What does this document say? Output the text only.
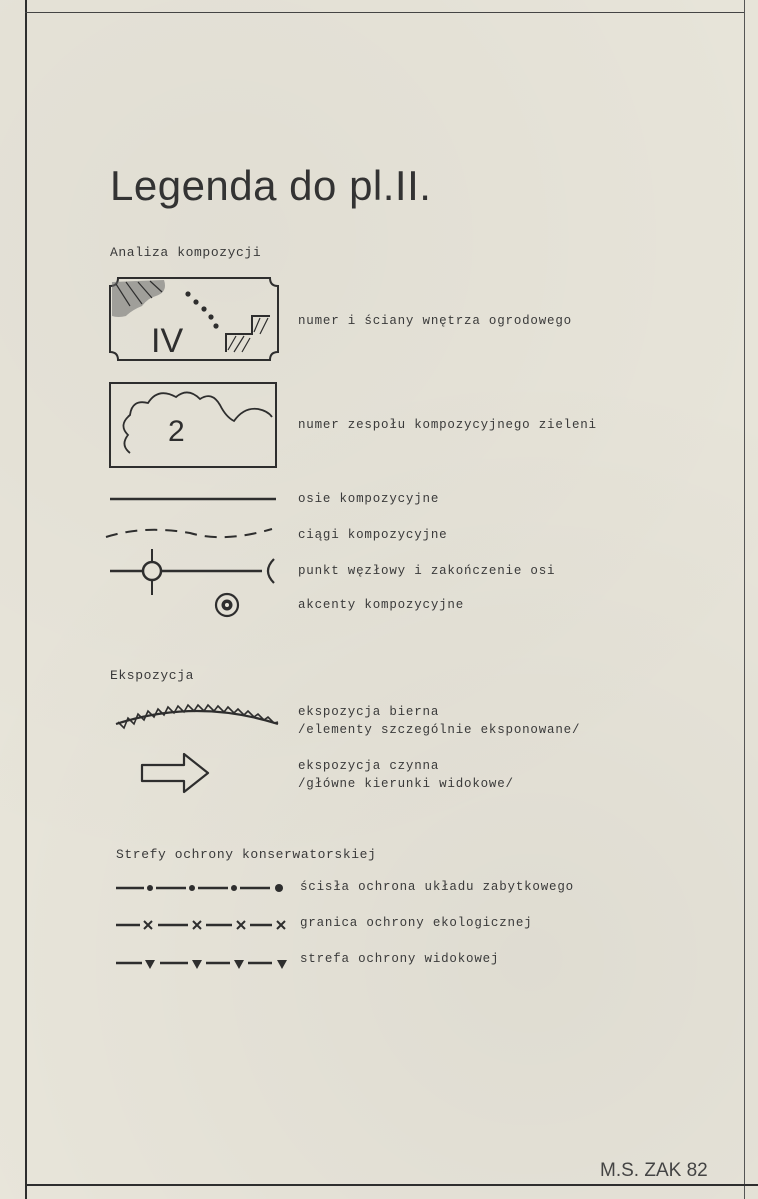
Legenda do pl.II.
Analiza kompozycji
IV
numer i ściany wnętrza ogrodowego
2	numer zespołu kompozycyjnego zieleni
osie kompozycyjne
ciągi kompozycyjne
punkt węzłowy i zakończenie osi
akcenty kompozycyjne
Ekspozycja
ekspozycja bierna
/elementy szczególnie eksponowane/
ekspozycja czynna
/główne kierunki widokowe/
Strefy ochrony konserwatorskiej
ścisła ochrona układu zabytkowego
granica ochrony ekologicznej
strefa ochrony widokowej
M.S. ZAK 82
